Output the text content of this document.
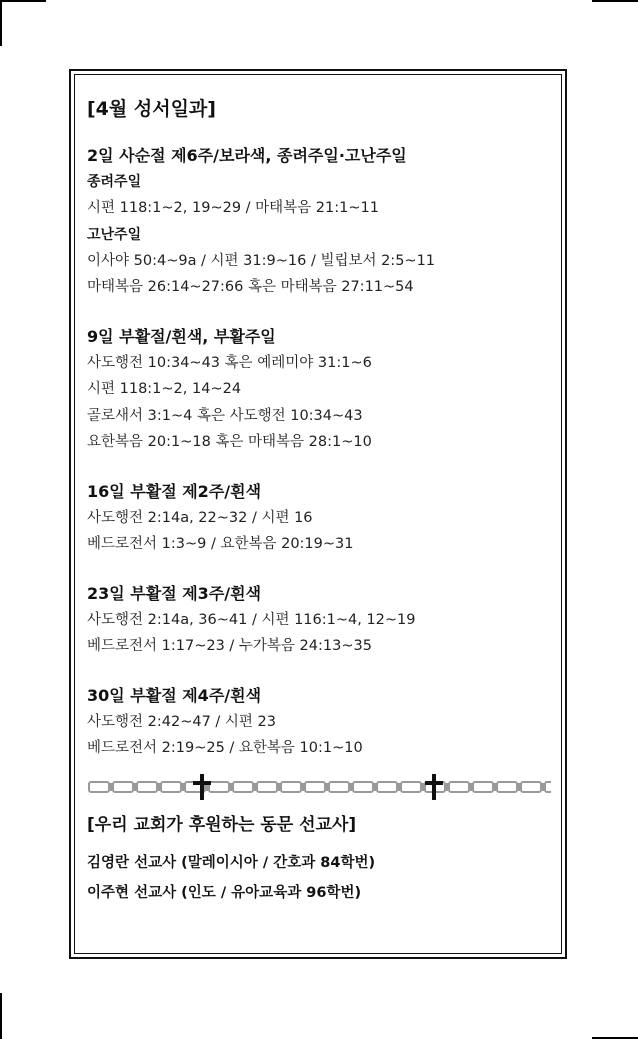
[4월 성서일과]
2일 사순절 제6주/보라색, 종려주일·고난주일
종려주일
시편 118:1~2, 19~29 / 마태복음 21:1~11
고난주일
이사야 50:4~9a / 시편 31:9~16 / 빌립보서 2:5~11
마태복음 26:14~27:66 혹은 마태복음 27:11~54
9일 부활절/흰색, 부활주일
사도행전 10:34~43 혹은 예레미야 31:1~6
시편 118:1~2, 14~24
골로새서 3:1~4 혹은 사도행전 10:34~43
요한복음 20:1~18 혹은 마태복음 28:1~10
16일 부활절 제2주/흰색
사도행전 2:14a, 22~32 / 시편 16
베드로전서 1:3~9 / 요한복음 20:19~31
23일 부활절 제3주/흰색
사도행전 2:14a, 36~41 / 시편 116:1~4, 12~19
베드로전서 1:17~23 / 누가복음 24:13~35
30일 부활절 제4주/흰색
사도행전 2:42~47 / 시편 23
베드로전서 2:19~25 / 요한복음 10:1~10
[우리 교회가 후원하는 동문 선교사]
김영란 선교사 (말레이시아 / 간호과 84학번)
이주현 선교사 (인도 / 유아교육과 96학번)
